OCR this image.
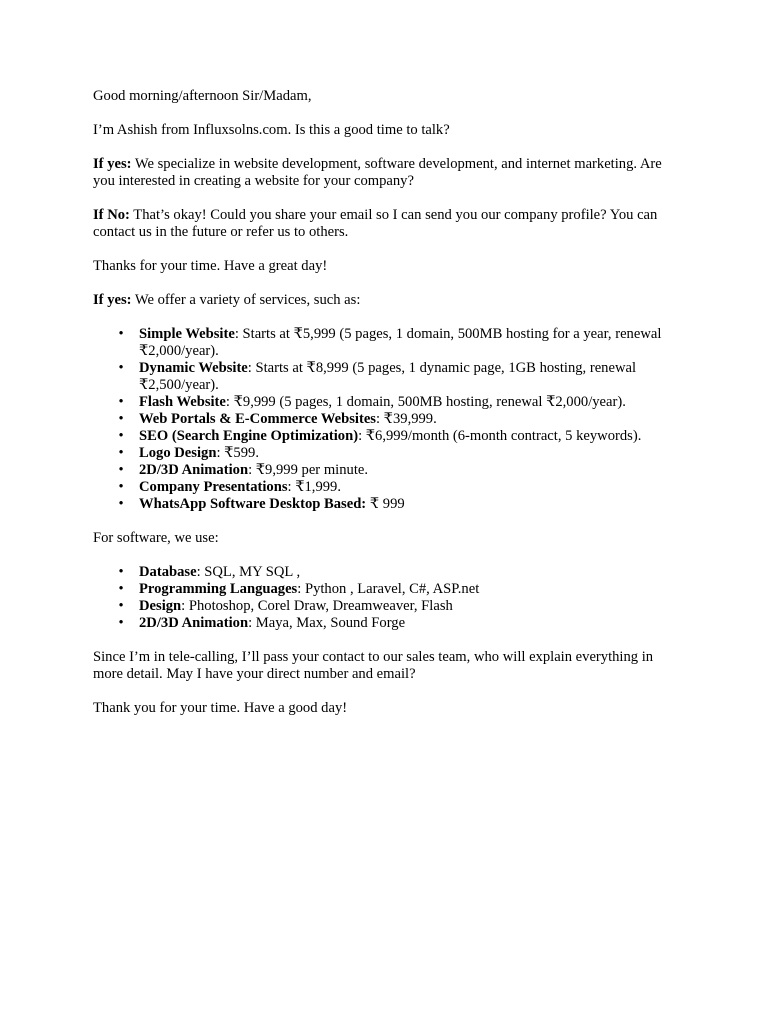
Good morning/afternoon Sir/Madam,

I’m Ashish from Influxsolns.com. Is this a good time to talk?

If yes: We specialize in website development, software development, and internet marketing. Are you interested in creating a website for your company?

If No: That’s okay! Could you share your email so I can send you our company profile? You can contact us in the future or refer us to others.

Thanks for your time. Have a great day!

If yes: We offer a variety of services, such as:

• Simple Website: Starts at ₹5,999 (5 pages, 1 domain, 500MB hosting for a year, renewal ₹2,000/year).
• Dynamic Website: Starts at ₹8,999 (5 pages, 1 dynamic page, 1GB hosting, renewal ₹2,500/year).
• Flash Website: ₹9,999 (5 pages, 1 domain, 500MB hosting, renewal ₹2,000/year).
• Web Portals & E-Commerce Websites: ₹39,999.
• SEO (Search Engine Optimization): ₹6,999/month (6-month contract, 5 keywords).
• Logo Design: ₹599.
• 2D/3D Animation: ₹9,999 per minute.
• Company Presentations: ₹1,999.
• WhatsApp Software Desktop Based: ₹ 999

For software, we use:

• Database: SQL, MY SQL ,
• Programming Languages: Python , Laravel, C#, ASP.net
• Design: Photoshop, Corel Draw, Dreamweaver, Flash
• 2D/3D Animation: Maya, Max, Sound Forge

Since I’m in tele-calling, I’ll pass your contact to our sales team, who will explain everything in more detail. May I have your direct number and email?

Thank you for your time. Have a good day!
